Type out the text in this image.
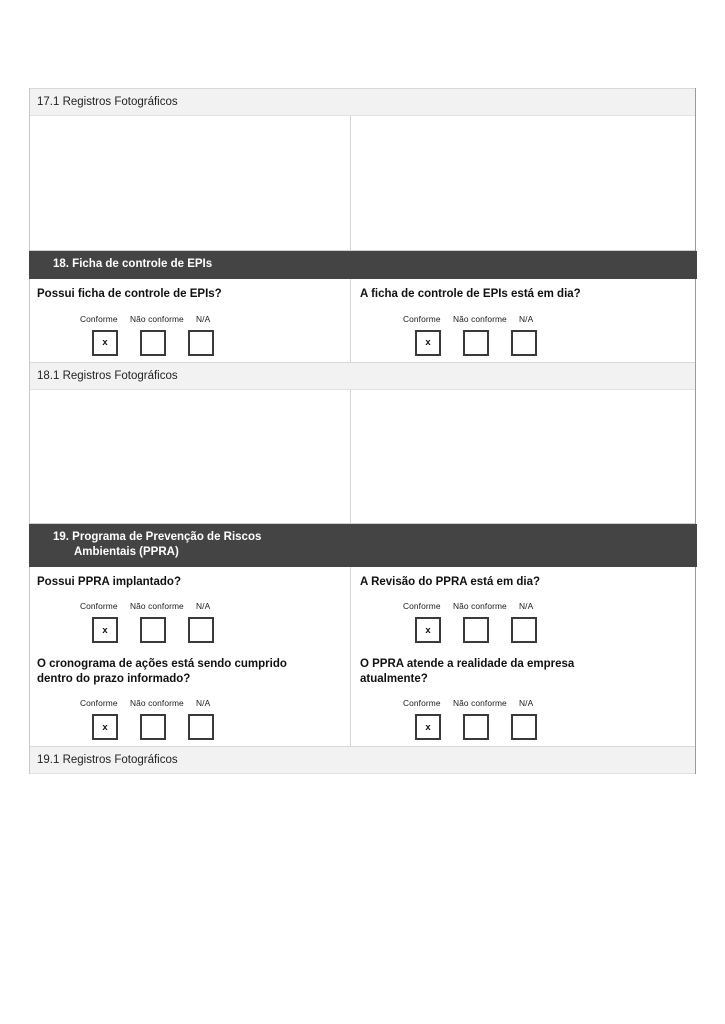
17.1 Registros Fotográficos
18. Ficha de controle de EPIs
Possui ficha de controle de EPIs?
Conforme Não conforme N/A
x
A ficha de controle de EPIs está em dia?
Conforme Não conforme N/A
x
18.1 Registros Fotográficos
19. Programa de Prevenção de Riscos
Ambientais (PPRA)
Possui PPRA implantado?
Conforme Não conforme N/A
x
A Revisão do PPRA está em dia?
Conforme Não conforme N/A
x
O cronograma de ações está sendo cumprido
dentro do prazo informado?
Conforme Não conforme N/A
x
O PPRA atende a realidade da empresa
atualmente?
Conforme Não conforme N/A
x
19.1 Registros Fotográficos
